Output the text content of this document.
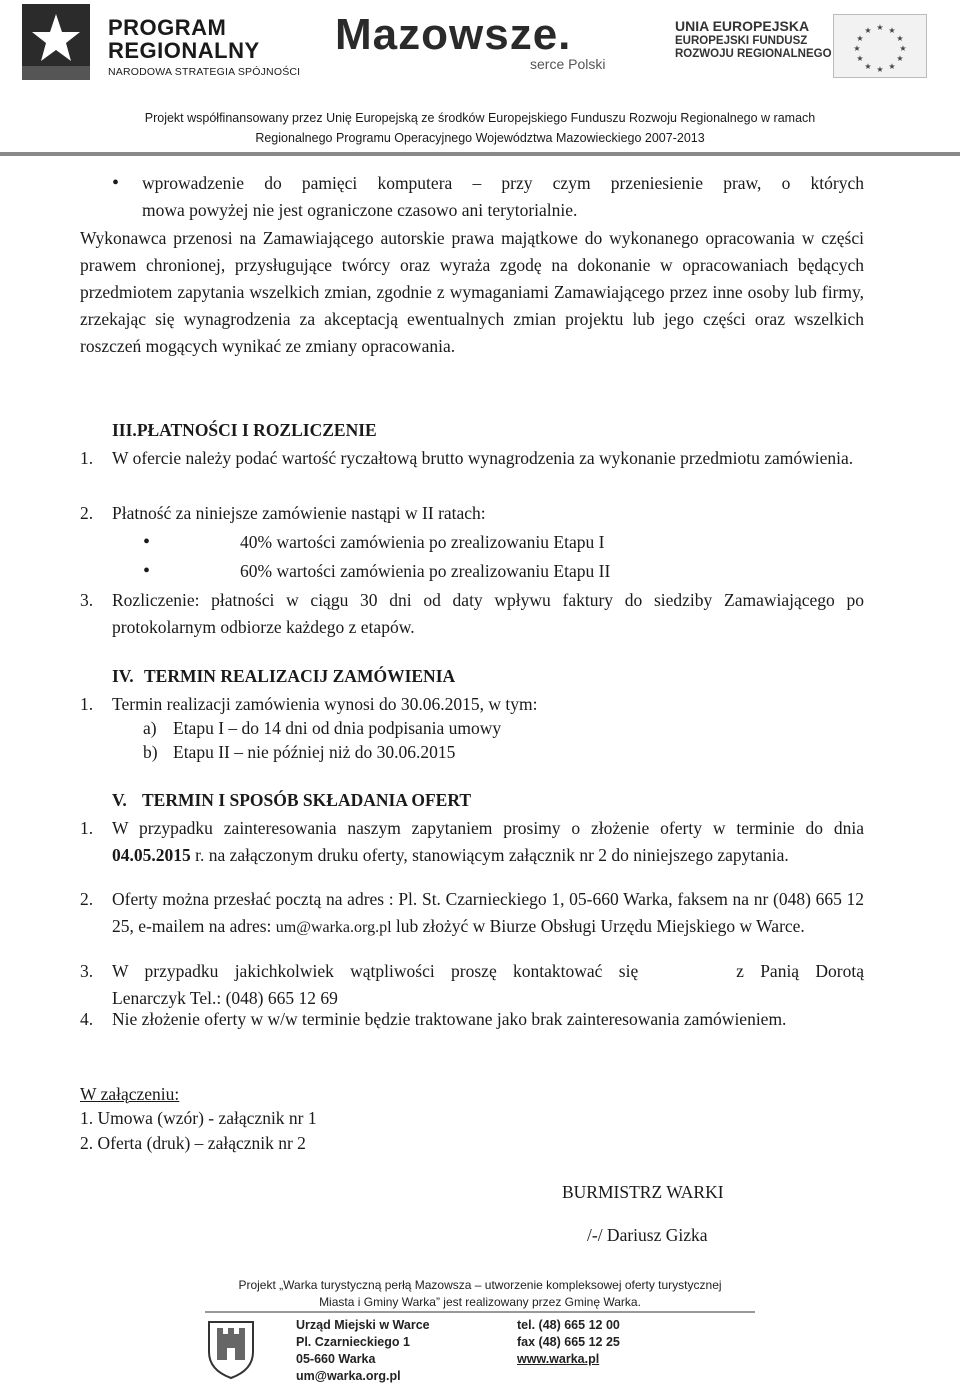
PROGRAM
REGIONALNY
NARODOWA STRATEGIA SPÓJNOŚCI
Mazowsze.
serce Polski
UNIA EUROPEJSKA
EUROPEJSKI FUNDUSZ
ROZWOJU REGIONALNEGO
★ ★
★
★
★
★
★
★
★
★
★
★
Projekt współfinansowany przez Unię Europejską ze środków Europejskiego Funduszu Rozwoju Regionalnego w ramach
Regionalnego Programu Operacyjnego Województwa Mazowieckiego 2007-2013
• wprowadzenie do pamięci komputera – przy czym przeniesienie praw, o których
mowa powyżej nie jest ograniczone czasowo ani terytorialnie.
Wykonawca przenosi na Zamawiającego autorskie prawa majątkowe do wykonanego opracowania w części prawem chronionej, przysługujące twórcy oraz wyraża zgodę na dokonanie w opracowaniach będących przedmiotem zapytania wszelkich zmian, zgodnie z wymaganiami Zamawiającego przez inne osoby lub firmy, zrzekając się wynagrodzenia za akceptacją ewentualnych zmian projektu lub jego części oraz wszelkich roszczeń mogących wynikać ze zmiany opracowania.
III.PŁATNOŚCI I ROZLICZENIE
1. W ofercie należy podać wartość ryczałtową brutto wynagrodzenia za wykonanie przedmiotu zamówienia.
2. Płatność za niniejsze zamówienie nastąpi w II ratach:
•	40% wartości zamówienia po zrealizowaniu Etapu I
•	60% wartości zamówienia po zrealizowaniu Etapu II
3. Rozliczenie: płatności w ciągu 30 dni od daty wpływu faktury do siedziby Zamawiającego po protokolarnym odbiorze każdego z etapów.
IV. TERMIN REALIZACIJ ZAMÓWIENIA
1. Termin realizacji zamówienia wynosi do 30.06.2015, w tym:
a) Etapu I – do 14 dni od dnia podpisania umowy
b) Etapu II – nie później niż do 30.06.2015
V. TERMIN I SPOSÓB SKŁADANIA OFERT
1. W przypadku zainteresowania naszym zapytaniem prosimy o złożenie oferty w terminie do dnia 04.05.2015 r. na załączonym druku oferty, stanowiącym załącznik nr 2 do niniejszego zapytania.
2. Oferty można przesłać pocztą na adres : Pl. St. Czarnieckiego 1, 05-660 Warka, faksem na nr (048) 665 12 25, e-mailem na adres: um@warka.org.pl lub złożyć w Biurze Obsługi Urzędu Miejskiego w Warce.
3. W przypadku jakichkolwiek wątpliwości proszę kontaktować się      z Panią Dorotą
Lenarczyk Tel.: (048) 665 12 69
4. Nie złożenie oferty w w/w terminie będzie traktowane jako brak zainteresowania zamówieniem.
W załączeniu:
1. Umowa (wzór) - załącznik nr 1
2. Oferta (druk) – załącznik nr 2
BURMISTRZ WARKI
/-/ Dariusz Gizka
Projekt „Warka turystyczną perłą Mazowsza – utworzenie kompleksowej oferty turystycznej
Miasta i Gminy Warka” jest realizowany przez Gminę Warka.
Urząd Miejski w Warce
Pl. Czarnieckiego 1
05-660 Warka
um@warka.org.pl
tel. (48) 665 12 00
fax (48) 665 12 25
www.warka.pl
